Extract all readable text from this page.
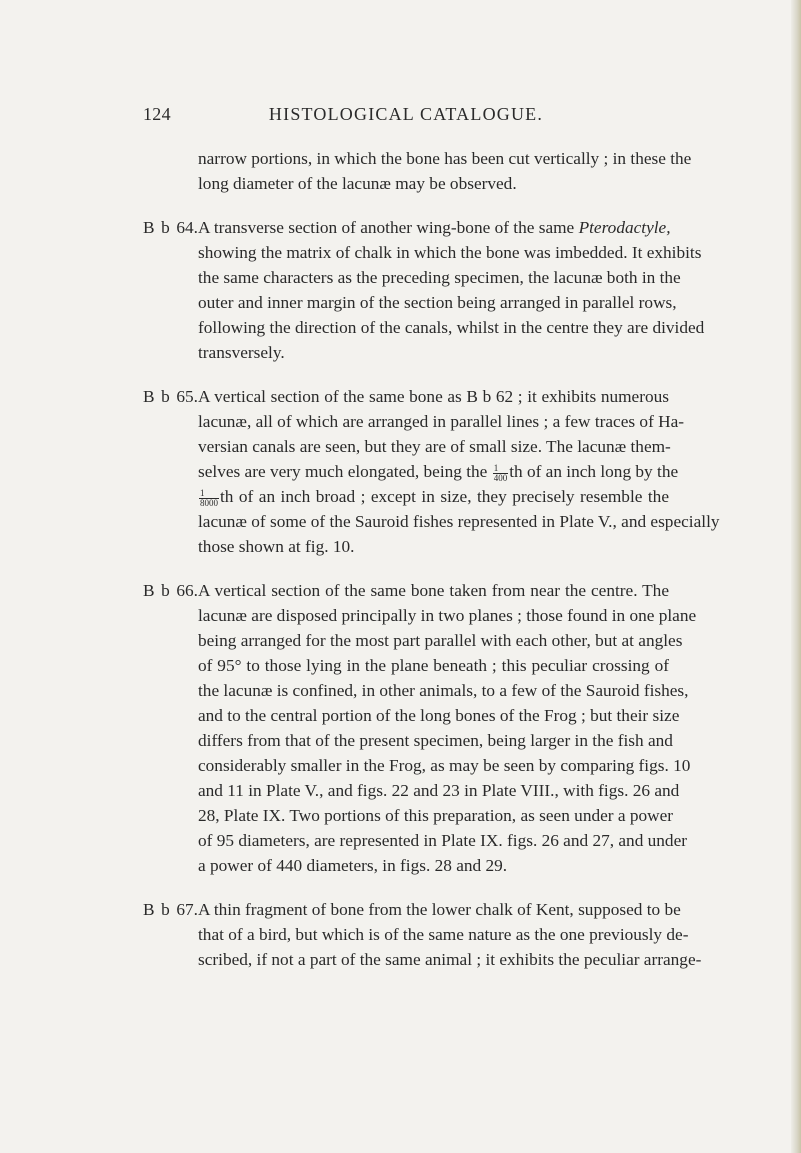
124	HISTOLOGICAL CATALOGUE.
narrow portions, in which the bone has been cut vertically ; in these the
long diameter of the lacunæ may be observed.
B b 64.A transverse section of another wing-bone of the same Pterodactyle,
showing the matrix of chalk in which the bone was imbedded. It exhibits
the same characters as the preceding specimen, the lacunæ both in the
outer and inner margin of the section being arranged in parallel rows,
following the direction of the canals, whilst in the centre they are divided
transversely.
B b 65.A vertical section of the same bone as B b 62 ; it exhibits numerous
lacunæ, all of which are arranged in parallel lines ; a few traces of Ha-
versian canals are seen, but they are of small size. The lacunæ them-
selves are very much elongated, being the $\frac{1}{400}$ th of an inch long by the
$\frac{1}{8000}$ th of an inch broad ; except in size, they precisely resemble the
lacunæ of some of the Sauroid fishes represented in Plate V., and especially
those shown at fig. 10.
B b 66.A vertical section of the same bone taken from near the centre. The
lacunæ are disposed principally in two planes ; those found in one plane
being arranged for the most part parallel with each other, but at angles
of 95° to those lying in the plane beneath ; this peculiar crossing of
the lacunæ is confined, in other animals, to a few of the Sauroid fishes,
and to the central portion of the long bones of the Frog ; but their size
differs from that of the present specimen, being larger in the fish and
considerably smaller in the Frog, as may be seen by comparing figs. 10
and 11 in Plate V., and figs. 22 and 23 in Plate VIII., with figs. 26 and
28, Plate IX. Two portions of this preparation, as seen under a power
of 95 diameters, are represented in Plate IX. figs. 26 and 27, and under
a power of 440 diameters, in figs. 28 and 29.
B b 67.A thin fragment of bone from the lower chalk of Kent, supposed to be
that of a bird, but which is of the same nature as the one previously de-
scribed, if not a part of the same animal ; it exhibits the peculiar arrange-
